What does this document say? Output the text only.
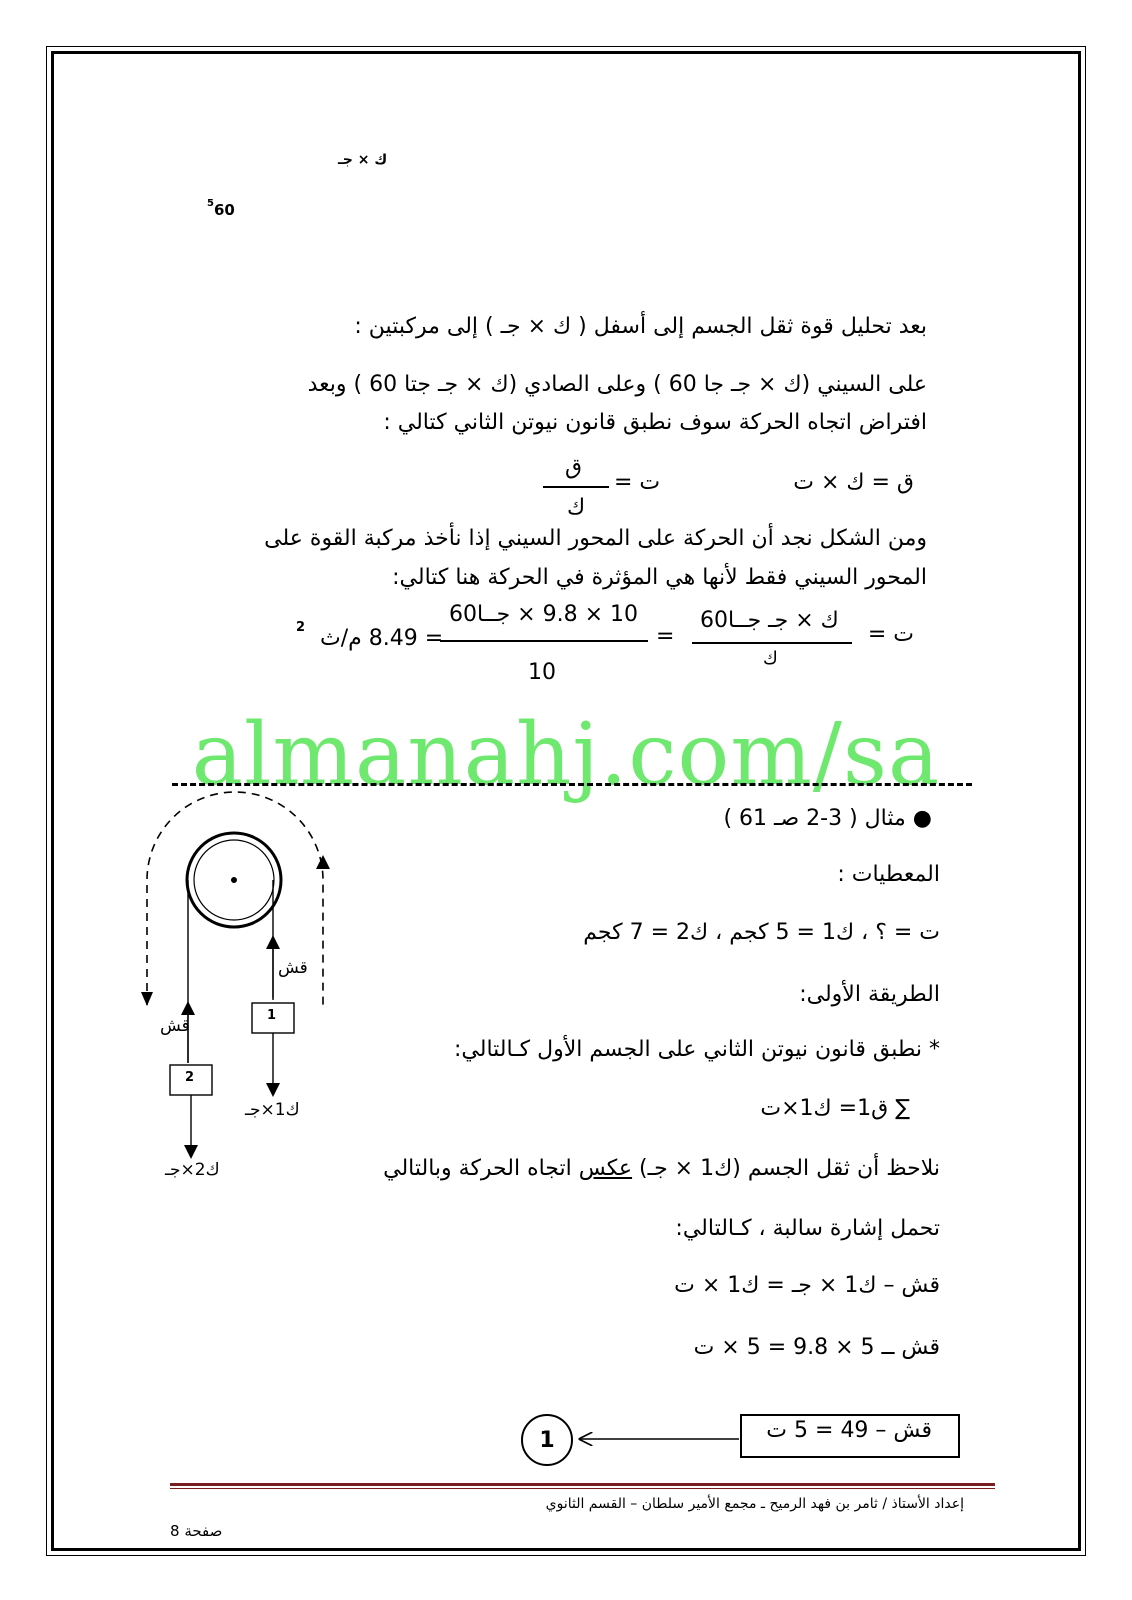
ك × جـ
5 60
بعد تحليل قوة ثقل الجسم إلى أسفل ( ك × جـ ) إلى مركبتين :
على السيني (ك × جـ جا 60 ) وعلى الصادي (ك × جـ جتا 60 ) وبعد
افتراض اتجاه الحركة سوف نطبق قانون نيوتن الثاني كتالي :
ق = ك × ت
ت =
ق
ك
ومن الشكل نجد أن الحركة على المحور السيني إذا نأخذ مركبة القوة على
المحور السيني فقط لأنها هي المؤثرة في الحركة هنا كتالي:
ت =
ك × جـ جــا60
ك
=
10 × 9.8 × جــا60
10
= 8.49 م/ث
2
almanahj.com/sa
● مثال ( 3-2 صـ 61 )
المعطيات :
ت = ؟ ، ك1 = 5 كجم ، ك2 = 7 كجم
الطريقة الأولى:
* نطبق قانون نيوتن الثاني على الجسم الأول كـالتالي:
∑ ق1= ك1×ت
نلاحظ أن ثقل الجسم (ك1 × جـ) عكس اتجاه الحركة وبالتالي
تحمل إشارة سالبة ، كـالتالي:
قش – ك1 × جـ = ك1 × ت
قش ــ 5 × 9.8 = 5 × ت
قش – 49 = 5 ت
1
قش
قش
1
2
ك1×جـ
ك2×جـ
إعداد الأستاذ / ثامر بن فهد الرميح ـ مجمع الأمير سلطان – القسم الثانوي
صفحة 8
